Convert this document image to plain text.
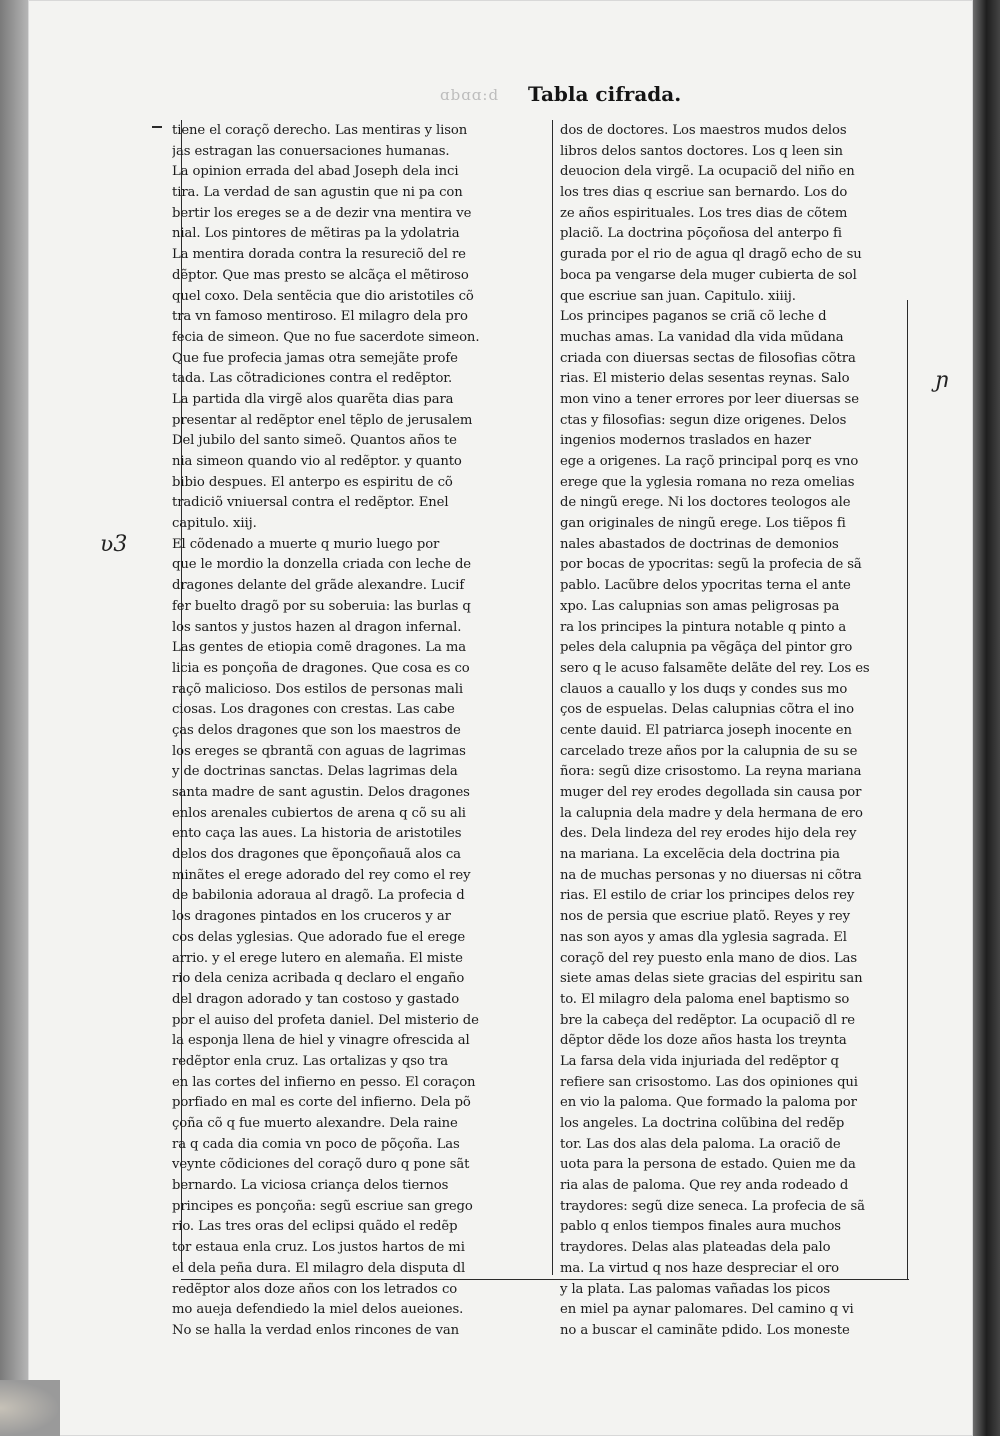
ɑbɑɑ:d Tabla cifrada.
ʋ3
ɲ
tiene el coraçõ derecho. Las mentiras y lison
jas estragan las conuersaciones humanas.
La opinion errada del abad Joseph dela inci
tira. La verdad de san agustin que ni pa con
bertir los ereges se a de dezir vna mentira ve
nial. Los pintores de mẽtiras pa la ydolatria
La mentira dorada contra la resureciõ del re
dẽptor. Que mas presto se alcãça el mẽtiroso
quel coxo. Dela sentẽcia que dio aristotiles cõ
tra vn famoso mentiroso. El milagro dela pro
fecia de simeon. Que no fue sacerdote simeon.
Que fue profecia jamas otra semejãte profe
tada. Las cõtradiciones contra el redẽptor.
La partida dla virgẽ alos quarẽta dias para
presentar al redẽptor enel tẽplo de jerusalem
Del jubilo del santo simeõ. Quantos años te
nia simeon quando vio al redẽptor. y quanto
bibio despues. El anterpo es espiritu de cõ
tradiciõ vniuersal contra el redẽptor. Enel
capitulo. xiij.
El cõdenado a muerte q murio luego por
que le mordio la donzella criada con leche de
dragones delante del grãde alexandre. Lucif
fer buelto dragõ por su soberuia: las burlas q
los santos y justos hazen al dragon infernal.
Las gentes de etiopia comẽ dragones. La ma
licia es ponçoña de dragones. Que cosa es co
raçõ malicioso. Dos estilos de personas mali
ciosas. Los dragones con crestas. Las cabe
ças delos dragones que son los maestros de
los ereges se qbrantã con aguas de lagrimas
y de doctrinas sanctas. Delas lagrimas dela
santa madre de sant agustin. Delos dragones
enlos arenales cubiertos de arena q cõ su ali
ento caça las aues. La historia de aristotiles
delos dos dragones que ẽponçoñauã alos ca
minãtes el erege adorado del rey como el rey
de babilonia adoraua al dragõ. La profecia d
los dragones pintados en los cruceros y ar
cos delas yglesias. Que adorado fue el erege
arrio. y el erege lutero en alemaña. El miste
rio dela ceniza acribada q declaro el engaño
del dragon adorado y tan costoso y gastado
por el auiso del profeta daniel. Del misterio de
la esponja llena de hiel y vinagre ofrescida al
redẽptor enla cruz. Las ortalizas y qso tra
en las cortes del infierno en pesso. El coraçon
porfiado en mal es corte del infierno. Dela põ
çoña cõ q fue muerto alexandre. Dela raine
ra q cada dia comia vn poco de põçoña. Las
veynte cõdiciones del coraçõ duro q pone sãt
bernardo. La viciosa criança delos tiernos
principes es ponçoña: segũ escriue san grego
rio. Las tres oras del eclipsi quãdo el redẽp
tor estaua enla cruz. Los justos hartos de mi
el dela peña dura. El milagro dela disputa dl
redẽptor alos doze años con los letrados co
mo aueja defendiedo la miel delos aueiones.
No se halla la verdad enlos rincones de van
dos de doctores. Los maestros mudos delos
libros delos santos doctores. Los q leen sin
deuocion dela virgẽ. La ocupaciõ del niño en
los tres dias q escriue san bernardo. Los do
ze años espirituales. Los tres dias de cõtem
placiõ. La doctrina pōçoñosa del anterpo fi
gurada por el rio de agua ql dragõ echo de su
boca pa vengarse dela muger cubierta de sol
que escriue san juan. Capitulo. xiiij.
Los principes paganos se criã cõ leche d
muchas amas. La vanidad dla vida mũdana
criada con diuersas sectas de filosofias cõtra
rias. El misterio delas sesentas reynas. Salo
mon vino a tener errores por leer diuersas se
ctas y filosofias: segun dize origenes. Delos
ingenios modernos traslados en hazer
ege a origenes. La raçõ principal porq es vno
erege que la yglesia romana no reza omelias
de ningũ erege. Ni los doctores teologos ale
gan originales de ningũ erege. Los tiẽpos fi
nales abastados de doctrinas de demonios
por bocas de ypocritas: segũ la profecia de sã
pablo. Lacũbre delos ypocritas terna el ante
xpo. Las calupnias son amas peligrosas pa
ra los principes la pintura notable q pinto a
peles dela calupnia pa vẽgãça del pintor gro
sero q le acuso falsamẽte delãte del rey. Los es
clauos a cauallo y los duqs y condes sus mo
ços de espuelas. Delas calupnias cõtra el ino
cente dauid. El patriarca joseph inocente en
carcelado treze años por la calupnia de su se
ñora: segũ dize crisostomo. La reyna mariana
muger del rey erodes degollada sin causa por
la calupnia dela madre y dela hermana de ero
des. Dela lindeza del rey erodes hijo dela rey
na mariana. La excelẽcia dela doctrina pia
na de muchas personas y no diuersas ni cõtra
rias. El estilo de criar los principes delos rey
nos de persia que escriue platõ. Reyes y rey
nas son ayos y amas dla yglesia sagrada. El
coraçõ del rey puesto enla mano de dios. Las
siete amas delas siete gracias del espiritu san
to. El milagro dela paloma enel baptismo so
bre la cabeça del redẽptor. La ocupaciõ dl re
dẽptor dẽde los doze años hasta los treynta
La farsa dela vida injuriada del redẽptor q
refiere san crisostomo. Las dos opiniones qui
en vio la paloma. Que formado la paloma por
los angeles. La doctrina colũbina del redẽp
tor. Las dos alas dela paloma. La oraciõ de
uota para la persona de estado. Quien me da
ria alas de paloma. Que rey anda rodeado d
traydores: segũ dize seneca. La profecia de sã
pablo q enlos tiempos finales aura muchos
traydores. Delas alas plateadas dela palo
ma. La virtud q nos haze despreciar el oro
y la plata. Las palomas vañadas los picos
en miel pa aynar palomares. Del camino q vi
no a buscar el caminãte pdido. Los moneste
